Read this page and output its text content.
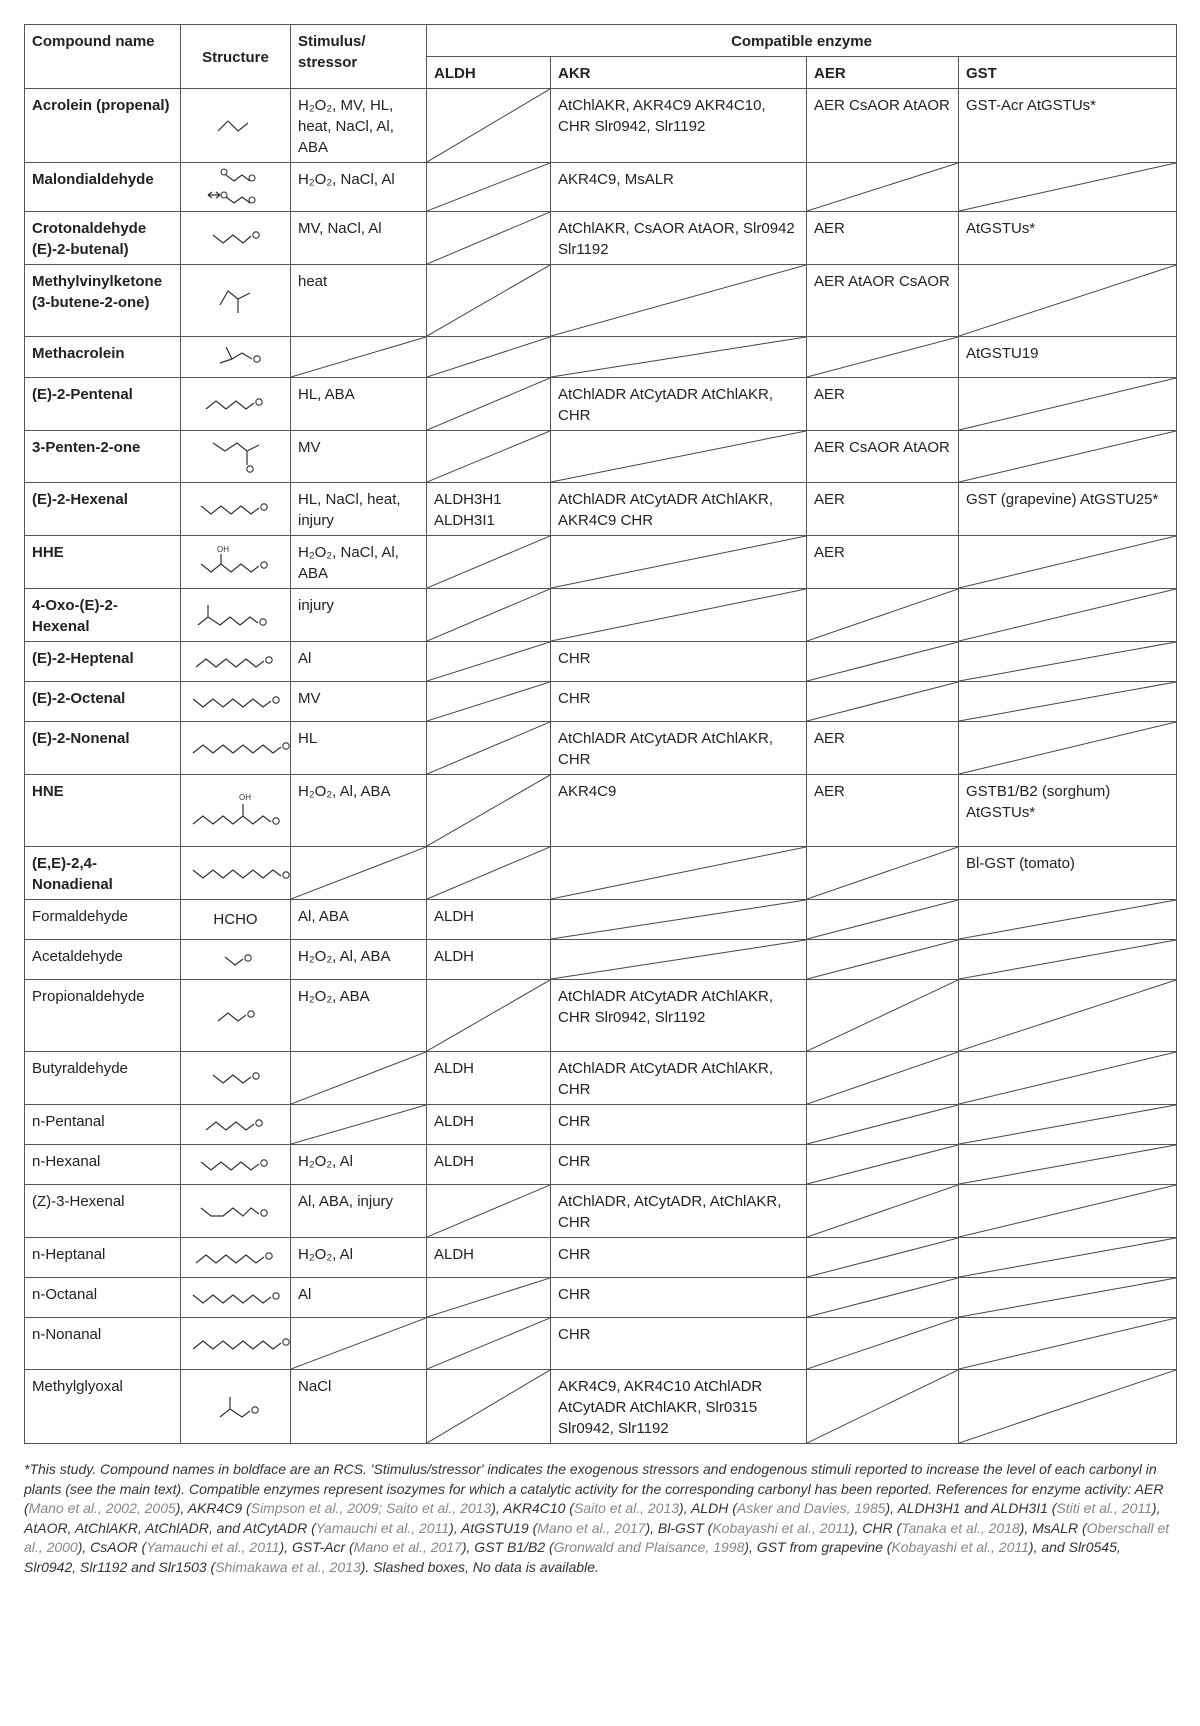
Compound name	Structure	Stimulus/ stressor	Compatible enzyme			
			ALDH	AKR	AER	GST

Acrolein (propenal)		H₂O₂, MV, HL, heat, NaCl, Al, ABA		AtChlAKR, AKR4C9 AKR4C10, CHR Slr0942, Slr1192	AER CsAOR AtAOR	GST-Acr AtGSTUs*

Malondialdehyde		H₂O₂, NaCl, Al		AKR4C9, MsALR

Crotonaldehyde (E)-2-butenal)		MV, NaCl, Al		AtChlAKR, CsAOR AtAOR, Slr0942 Slr1192	AER	AtGSTUs*

Methylvinylketone (3-butene-2-one)		heat			AER AtAOR CsAOR

Methacrolein						AtGSTU19

(E)-2-Pentenal		HL, ABA		AtChlADR AtCytADR AtChlAKR, CHR	AER

3-Penten-2-one		MV			AER CsAOR AtAOR

(E)-2-Hexenal		HL, NaCl, heat, injury	ALDH3H1 ALDH3I1	AtChlADR AtCytADR AtChlAKR, AKR4C9 CHR	AER	GST (grapevine) AtGSTU25*

HHE	OH	H₂O₂, NaCl, Al, ABA			AER

4-Oxo-(E)-2-Hexenal		injury

(E)-2-Heptenal		Al		CHR

(E)-2-Octenal		MV		CHR

(E)-2-Nonenal		HL		AtChlADR AtCytADR AtChlAKR, CHR	AER

HNE	OH	H₂O₂, Al, ABA		AKR4C9	AER	GSTB1/B2 (sorghum) AtGSTUs*

(E,E)-2,4-Nonadienal						Bl-GST (tomato)

Formaldehyde	HCHO	Al, ABA	ALDH

Acetaldehyde		H₂O₂, Al, ABA	ALDH

Propionaldehyde		H₂O₂, ABA		AtChlADR AtCytADR AtChlAKR, CHR Slr0942, Slr1192

Butyraldehyde			ALDH	AtChlADR AtCytADR AtChlAKR, CHR

n-Pentanal			ALDH	CHR

n-Hexanal		H₂O₂, Al	ALDH	CHR

(Z)-3-Hexenal		Al, ABA, injury		AtChlADR, AtCytADR, AtChlAKR, CHR

n-Heptanal		H₂O₂, Al	ALDH	CHR

n-Octanal		Al		CHR

n-Nonanal				CHR

Methylglyoxal		NaCl		AKR4C9, AKR4C10 AtChlADR AtCytADR AtChlAKR, Slr0315 Slr0942, Slr1192

*This study. Compound names in boldface are an RCS. 'Stimulus/stressor' indicates the exogenous stressors and endogenous stimuli reported to increase the level of each carbonyl in plants (see the main text). Compatible enzymes represent isozymes for which a catalytic activity for the corresponding carbonyl has been reported. References for enzyme activity: AER (Mano et al., 2002, 2005), AKR4C9 (Simpson et al., 2009; Saito et al., 2013), AKR4C10 (Saito et al., 2013), ALDH (Asker and Davies, 1985), ALDH3H1 and ALDH3I1 (Stiti et al., 2011), AtAOR, AtChlAKR, AtChlADR, and AtCytADR (Yamauchi et al., 2011), AtGSTU19 (Mano et al., 2017), Bl-GST (Kobayashi et al., 2011), CHR (Tanaka et al., 2018), MsALR (Oberschall et al., 2000), CsAOR (Yamauchi et al., 2011), GST-Acr (Mano et al., 2017), GST B1/B2 (Gronwald and Plaisance, 1998), GST from grapevine (Kobayashi et al., 2011), and Slr0545, Slr0942, Slr1192 and Slr1503 (Shimakawa et al., 2013). Slashed boxes, No data is available.
